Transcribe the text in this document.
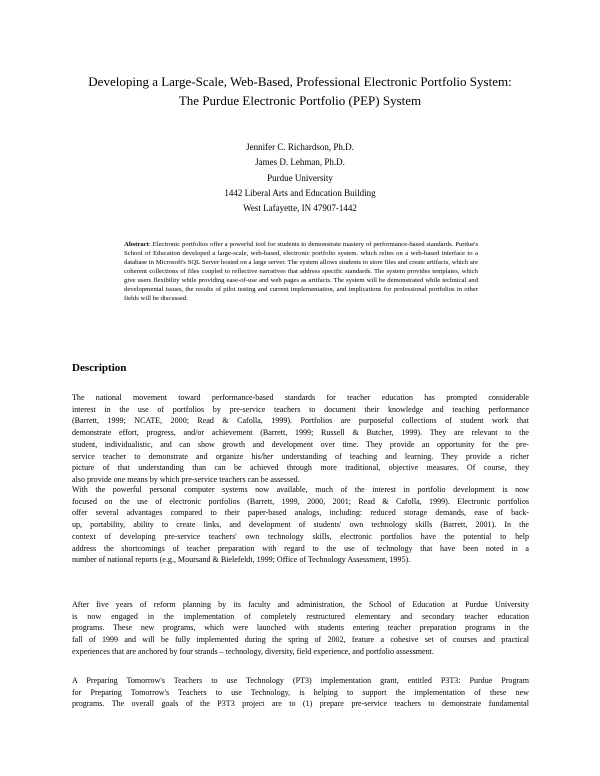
Developing a Large-Scale, Web-Based, Professional Electronic Portfolio System:
The Purdue Electronic Portfolio (PEP) System
Jennifer C. Richardson, Ph.D.
James D. Lehman, Ph.D.
Purdue University
1442 Liberal Arts and Education Building
West Lafayette, IN 47907-1442
Abstract: Electronic portfolios offer a powerful tool for students to demonstrate mastery of performance-based standards. Purdue's School of Education developed a large-scale, web-based, electronic portfolio system. which relies on a web-based interface to a database in Microsoft's SQL Server hosted on a large server. The system allows students to store files and create artifacts, which are coherent collections of files coupled to reflective narratives that address specific standards. The system provides templates, which give users flexibility while providing ease-of-use and web pages as artifacts. The system will be demonstrated while technical and developmental issues, the results of pilot testing and current implementation, and implications for professional portfolios in other fields will be discussed.
Description
The national movement toward performance-based standards for teacher education has prompted considerable
interest in the use of portfolios by pre-service teachers to document their knowledge and teaching performance
(Barrett, 1999; NCATE, 2000; Read & Cafolla, 1999). Portfolios are purposeful collections of student work that
demonstrate effort, progress, and/or achievement (Barrett, 1999; Russell & Butcher, 1999). They are relevant to the
student, individualistic, and can show growth and development over time. They provide an opportunity for the pre-
service teacher to demonstrate and organize his/her understanding of teaching and learning. They provide a richer
picture of that understanding than can be achieved through more traditional, objective measures. Of course, they
also provide one means by which pre-service teachers can be assessed.
With the powerful personal computer systems now available, much of the interest in portfolio development is now
focused on the use of electronic portfolios (Barrett, 1999, 2000, 2001; Read & Cafolla, 1999). Electronic portfolios
offer several advantages compared to their paper-based analogs, including: reduced storage demands, ease of back-
up, portability, ability to create links, and development of students' own technology skills (Barrett, 2001). In the
context of developing pre-service teachers' own technology skills, electronic portfolios have the potential to help
address the shortcomings of teacher preparation with regard to the use of technology that have been noted in a
number of national reports (e.g., Moursand & Bielefeldt, 1999; Office of Technology Assessment, 1995).
After five years of reform planning by its faculty and administration, the School of Education at Purdue University
is now engaged in the implementation of completely restructured elementary and secondary teacher education
programs. These new programs, which were launched with students entering teacher preparation programs in the
fall of 1999 and will be fully implemented during the spring of 2002, feature a cohesive set of courses and practical
experiences that are anchored by four strands – technology, diversity, field experience, and portfolio assessment.
A Preparing Tomorrow's Teachers to use Technology (PT3) implementation grant, entitled P3T3: Purdue Program
for Preparing Tomorrow's Teachers to use Technology, is helping to support the implementation of these new
programs. The overall goals of the P3T3 project are to (1) prepare pre-service teachers to demonstrate fundamental
